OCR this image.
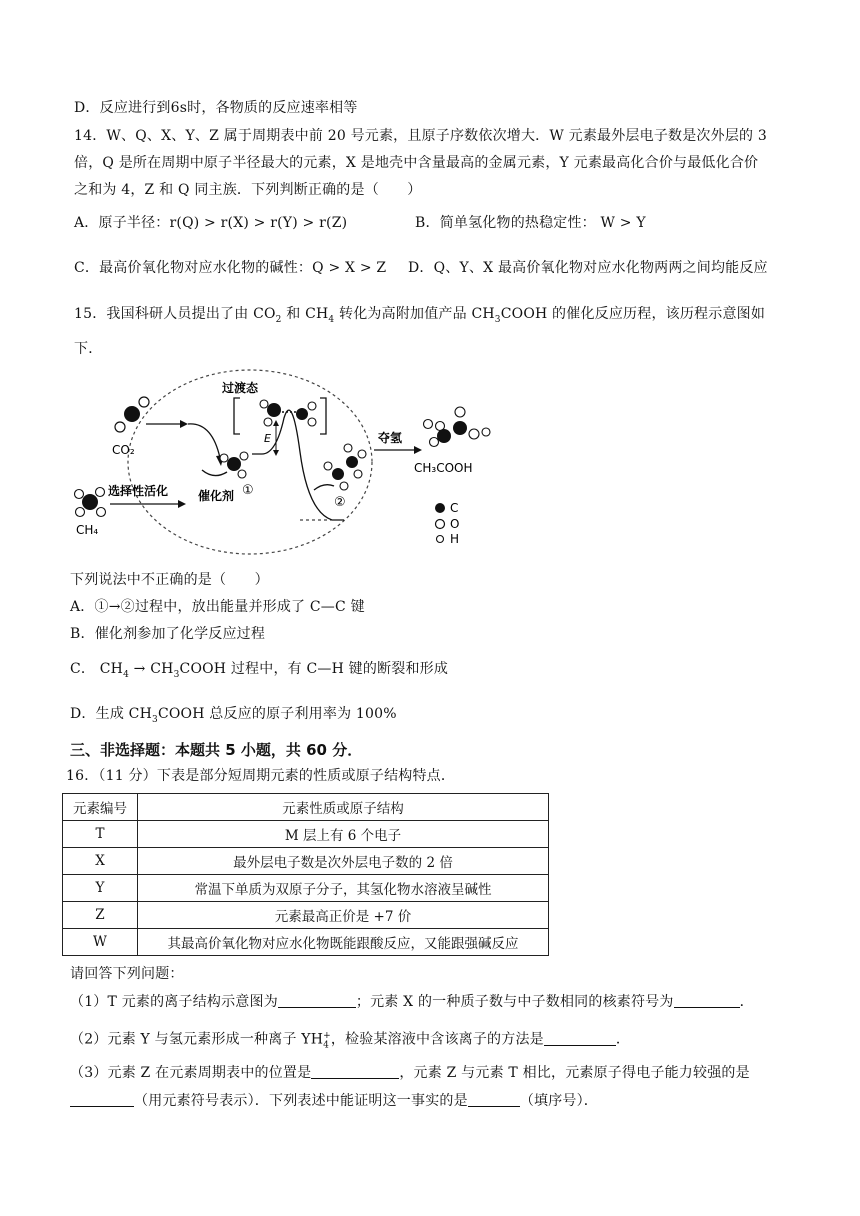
D．反应进行到6s时，各物质的反应速率相等
14．W、Q、X、Y、Z 属于周期表中前 20 号元素，且原子序数依次增大．W 元素最外层电子数是次外层的 3
倍，Q 是所在周期中原子半径最大的元素，X 是地壳中含量最高的金属元素，Y 元素最高化合价与最低化合价
之和为 4，Z 和 Q 同主族．下列判断正确的是（　　）
A．原子半径：r(Q) > r(X) > r(Y) > r(Z)	B．简单氢化物的热稳定性： W > Y
C．最高价氧化物对应水化物的碱性：Q > X > Z D．Q、Y、X 最高价氧化物对应水化物两两之间均能反应
15．我国科研人员提出了由 $CO_2$ 和 $CH_4$ 转化为高附加值产品 $CH_3COOH$ 的催化反应历程，该历程示意图如
下．
CO₂
CH₄
选择性活化 催化剂 ①
过渡态
E
②
夺氢
CH₃COOH
C
O
H
下列说法中不正确的是（　　）
A．①→②过程中，放出能量并形成了 C—C 键
B．催化剂参加了化学反应过程
C． $CH_4$ → $CH_3COOH$ 过程中，有 C—H 键的断裂和形成
D．生成 $CH_3COOH$ 总反应的原子利用率为 100%
三、非选择题：本题共 5 小题，共 60 分．
16．（11 分）下表是部分短周期元素的性质或原子结构特点．
元素编号	元素性质或原子结构
T	M 层上有 6 个电子
X	最外层电子数是次外层电子数的 2 倍
Y	常温下单质为双原子分子，其氢化物水溶液呈碱性
Z	元素最高正价是 +7 价
W	其最高价氧化物对应水化物既能跟酸反应，又能跟强碱反应
请回答下列问题：
（1）T 元素的离子结构示意图为	；元素 X 的一种质子数与中子数相同的核素符号为	．
（2）元素 Y 与氢元素形成一种离子 $YH_4^+$，检验某溶液中含该离子的方法是	．
（3）元素 Z 在元素周期表中的位置是	，元素 Z 与元素 T 相比，元素原子得电子能力较强的是
（用元素符号表示）．下列表述中能证明这一事实的是	（填序号）．
